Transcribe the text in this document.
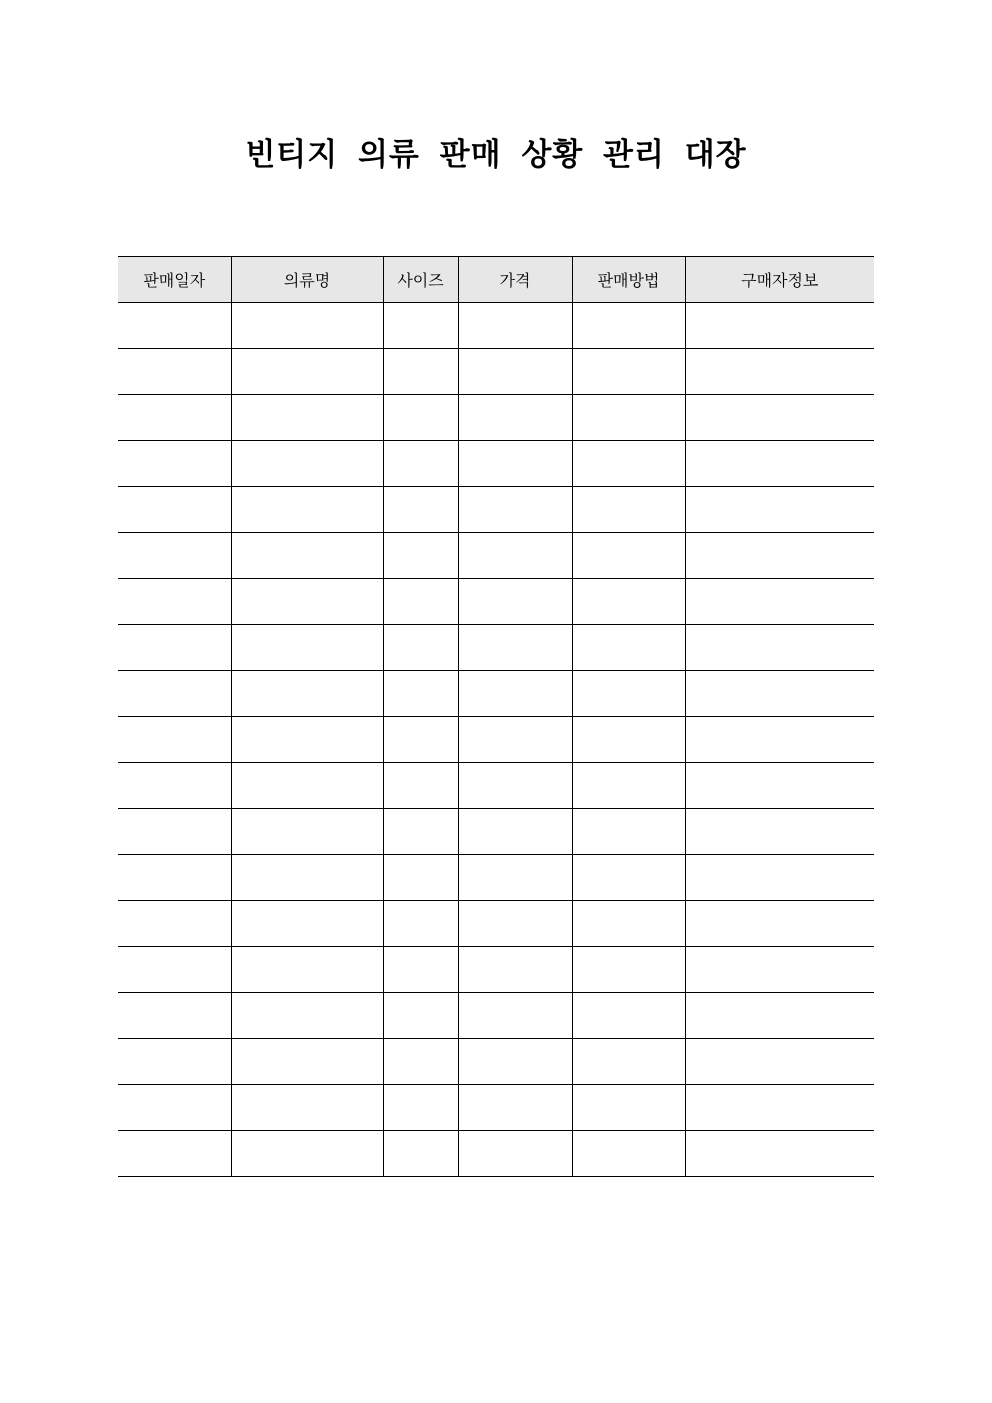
빈티지 의류 판매 상황 관리 대장
판매일자	의류명	사이즈	가격	판매방법	구매자정보
